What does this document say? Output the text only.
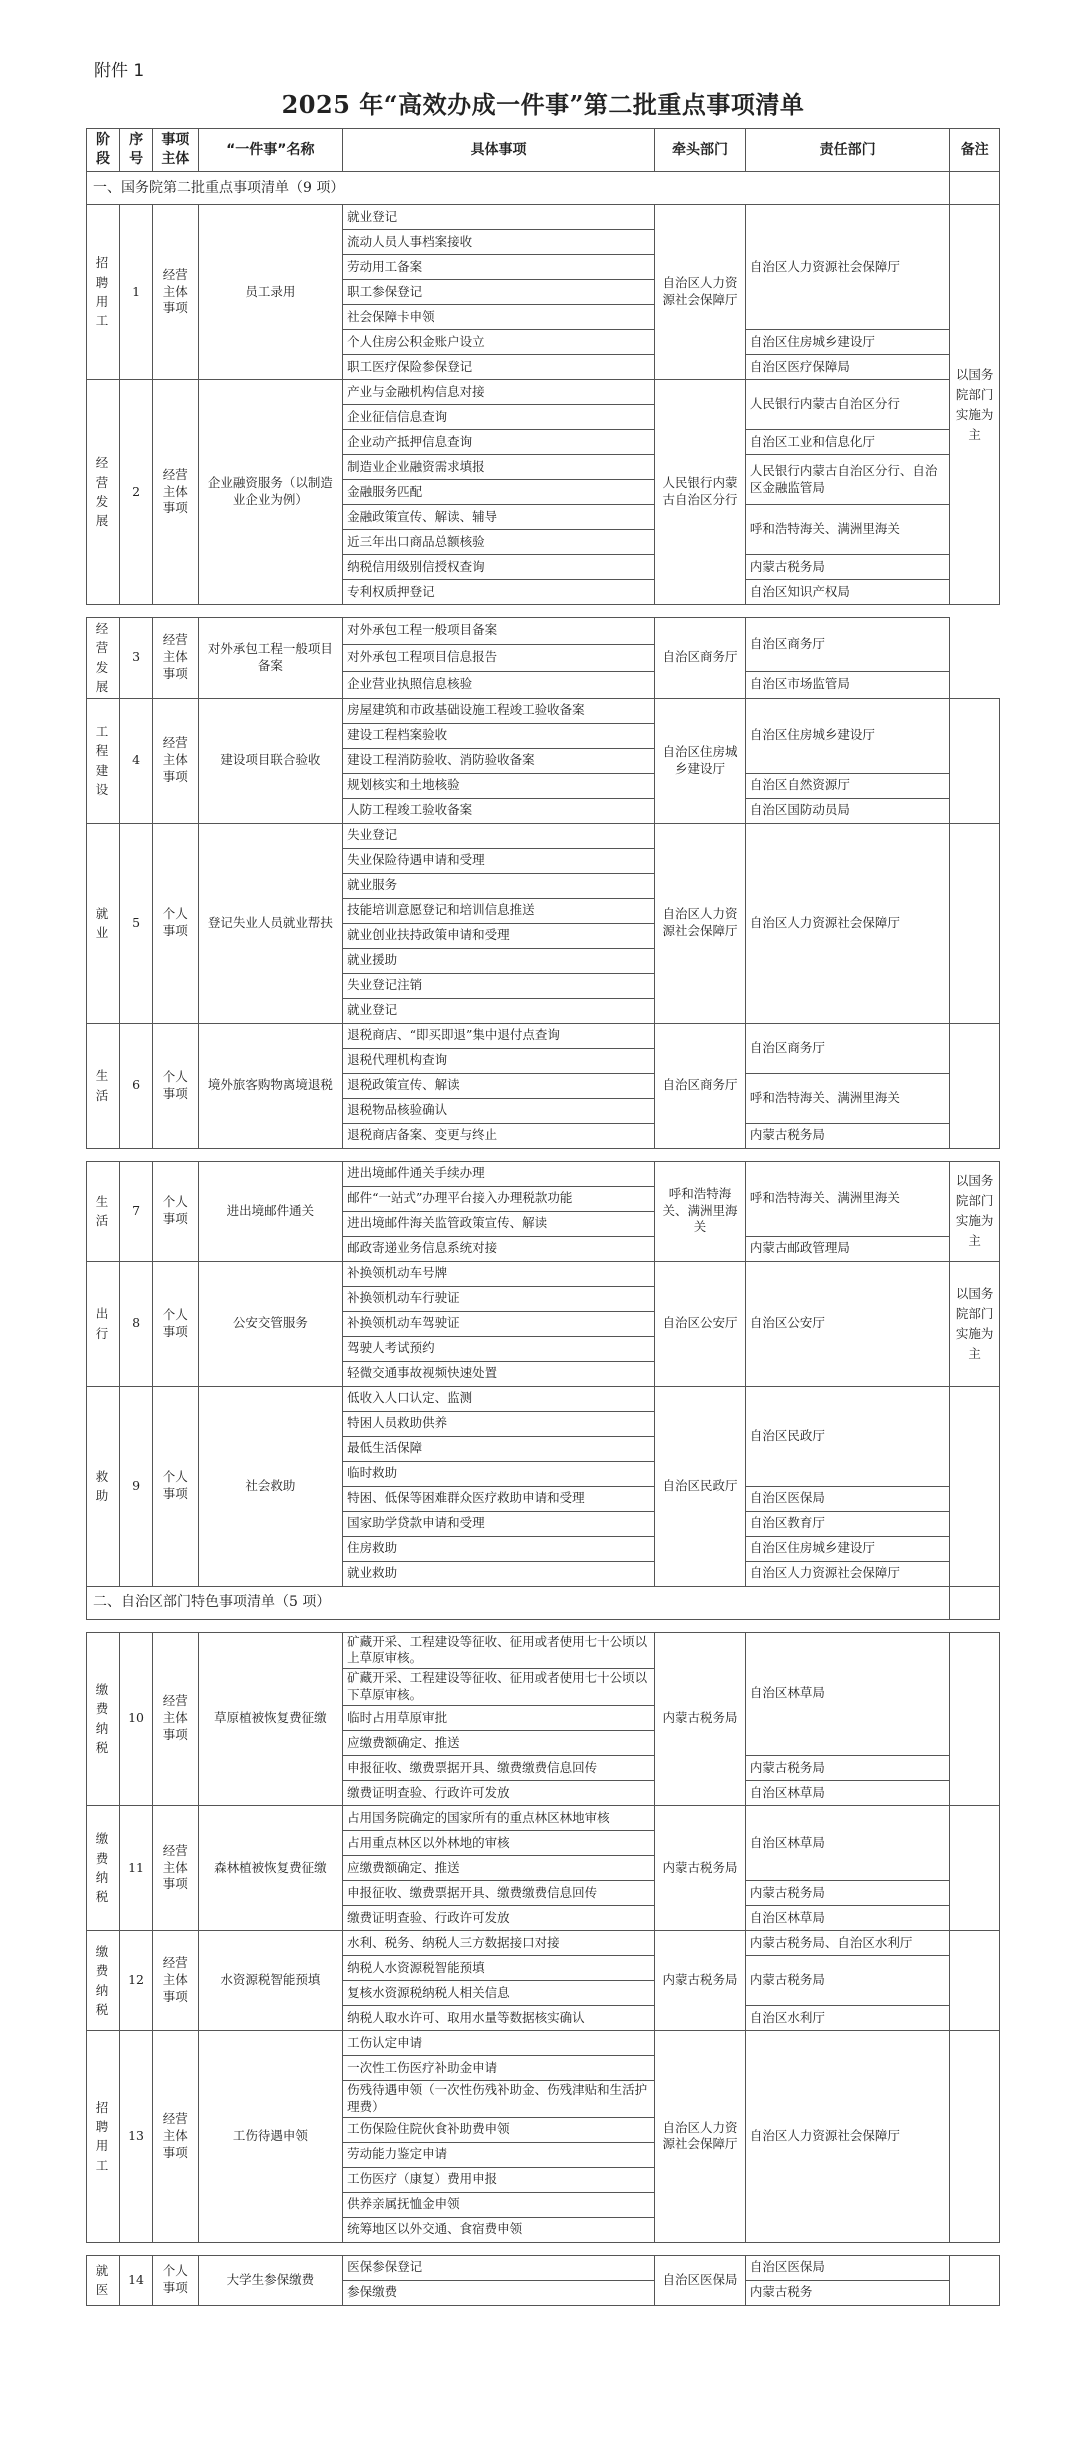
附件 1
2025 年“高效办成一件事”第二批重点事项清单
阶段	序号	事项主体	“一件事”名称	具体事项	牵头部门	责任部门	备注
一、国务院第二批重点事项清单（9 项）							
招聘用工	1	经营主体事项	员工录用	就业登记	自治区人力资源社会保障厅	自治区人力资源社会保障厅	以国务院部门实施为主
				流动人员人事档案接收			
				劳动用工备案			
				职工参保登记			
				社会保障卡申领			
				个人住房公积金账户设立		自治区住房城乡建设厅	
				职工医疗保险参保登记		自治区医疗保障局	
经营发展	2	经营主体事项	企业融资服务（以制造业企业为例）	产业与金融机构信息对接	人民银行内蒙古自治区分行	人民银行内蒙古自治区分行	
				企业征信信息查询			
				企业动产抵押信息查询		自治区工业和信息化厅	
				制造业企业融资需求填报		人民银行内蒙古自治区分行、自治区金融监管局	
				金融服务匹配			
				金融政策宣传、解读、辅导		呼和浩特海关、满洲里海关	
				近三年出口商品总额核验			
				纳税信用级别信授权查询		内蒙古税务局	
				专利权质押登记		自治区知识产权局	

经营发展	3	经营主体事项	对外承包工程一般项目备案	对外承包工程一般项目备案	自治区商务厅	自治区商务厅	
				对外承包工程项目信息报告			
				企业营业执照信息核验		自治区市场监管局	
工程建设	4	经营主体事项	建设项目联合验收	房屋建筑和市政基础设施工程竣工验收备案	自治区住房城乡建设厅	自治区住房城乡建设厅	
				建设工程档案验收			
				建设工程消防验收、消防验收备案			
				规划核实和土地核验		自治区自然资源厅	
				人防工程竣工验收备案		自治区国防动员局	
就业	5	个人事项	登记失业人员就业帮扶	失业登记	自治区人力资源社会保障厅	自治区人力资源社会保障厅	
				失业保险待遇申请和受理			
				就业服务			
				技能培训意愿登记和培训信息推送			
				就业创业扶持政策申请和受理			
				就业援助			
				失业登记注销			
				就业登记			
生活	6	个人事项	境外旅客购物离境退税	退税商店、“即买即退”集中退付点查询	自治区商务厅	自治区商务厅	
				退税代理机构查询			
				退税政策宣传、解读		呼和浩特海关、满洲里海关	
				退税物品核验确认			
				退税商店备案、变更与终止		内蒙古税务局	

生活	7	个人事项	进出境邮件通关	进出境邮件通关手续办理	呼和浩特海关、满洲里海关	呼和浩特海关、满洲里海关	以国务院部门实施为主
				邮件“一站式”办理平台接入办理税款功能			
				进出境邮件海关监管政策宣传、解读			
				邮政寄递业务信息系统对接		内蒙古邮政管理局	
出行	8	个人事项	公安交管服务	补换领机动车号牌	自治区公安厅	自治区公安厅	以国务院部门实施为主
				补换领机动车行驶证			
				补换领机动车驾驶证			
				驾驶人考试预约			
				轻微交通事故视频快速处置			
救助	9	个人事项	社会救助	低收入人口认定、监测	自治区民政厅	自治区民政厅	
				特困人员救助供养			
				最低生活保障			
				临时救助			
				特困、低保等困难群众医疗救助申请和受理		自治区医保局	
				国家助学贷款申请和受理		自治区教育厅	
				住房救助		自治区住房城乡建设厅	
				就业救助		自治区人力资源社会保障厅	
二、自治区部门特色事项清单（5 项）							

缴费纳税	10	经营主体事项	草原植被恢复费征缴	矿藏开采、工程建设等征收、征用或者使用七十公顷以上草原审核。	内蒙古税务局	自治区林草局	
				矿藏开采、工程建设等征收、征用或者使用七十公顷以下草原审核。			
				临时占用草原审批			
				应缴费额确定、推送			
				申报征收、缴费票据开具、缴费缴费信息回传		内蒙古税务局	
				缴费证明查验、行政许可发放		自治区林草局	
缴费纳税	11	经营主体事项	森林植被恢复费征缴	占用国务院确定的国家所有的重点林区林地审核	内蒙古税务局	自治区林草局	
				占用重点林区以外林地的审核			
				应缴费额确定、推送			
				申报征收、缴费票据开具、缴费缴费信息回传		内蒙古税务局	
				缴费证明查验、行政许可发放		自治区林草局	
缴费纳税	12	经营主体事项	水资源税智能预填	水利、税务、纳税人三方数据接口对接	内蒙古税务局	内蒙古税务局、自治区水利厅	
				纳税人水资源税智能预填		内蒙古税务局	
				复核水资源税纳税人相关信息			
				纳税人取水许可、取用水量等数据核实确认		自治区水利厅	
招聘用工	13	经营主体事项	工伤待遇申领	工伤认定申请	自治区人力资源社会保障厅	自治区人力资源社会保障厅	
				一次性工伤医疗补助金申请			
				伤残待遇申领（一次性伤残补助金、伤残津贴和生活护理费）			
				工伤保险住院伙食补助费申领			
				劳动能力鉴定申请			
				工伤医疗（康复）费用申报			
				供养亲属抚恤金申领			
				统筹地区以外交通、食宿费申领			

就医	14	个人事项	大学生参保缴费	医保参保登记	自治区医保局	自治区医保局	
				参保缴费		内蒙古税务	
